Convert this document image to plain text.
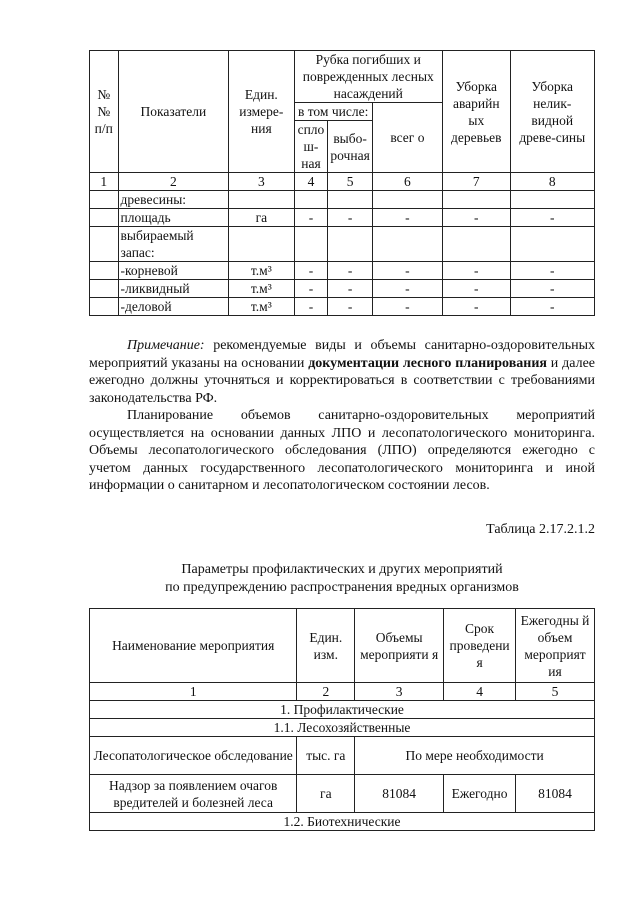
№ № п/п	Показатели	Един. измере-ния	Рубка погибших и поврежденных лесных насаждений			Уборка аварийн ых деревьев	Уборка нелик-видной древе-сины
			в том числе:		всег о		
			спло ш-ная	выбо-рочная			
1	2	3	4	5	6	7	8
	древесины:						
	площадь	га	-	-	-	-	-
	выбираемый запас:						
	-корневой	т.м³	-	-	-	-	-
	-ликвидный	т.м³	-	-	-	-	-
	-деловой	т.м³	-	-	-	-	-

Примечание: рекомендуемые виды и объемы санитарно-оздоровительных мероприятий указаны на основании документации лесного планирования и далее ежегодно должны уточняться и корректироваться в соответствии с требованиями законодательства РФ.

Планирование объемов санитарно-оздоровительных мероприятий осуществляется на основании данных ЛПО и лесопатологического мониторинга. Объемы лесопатологического обследования (ЛПО) определяются ежегодно с учетом данных государственного лесопатологического мониторинга и иной информации о санитарном и лесопатологическом состоянии лесов.

Таблица 2.17.2.1.2
Параметры профилактических и других мероприятий
по предупреждению распространения вредных организмов
Наименование мероприятия	Един. изм.	Объемы мероприяти я	Срок проведени я	Ежегодны й объем мероприят ия
1	2	3	4	5
1. Профилактические				
1.1. Лесохозяйственные				
Лесопатологическое обследование	тыс. га	По мере необходимости		
Надзор за появлением очагов вредителей и болезней леса	га	81084	Ежегодно	81084
1.2. Биотехнические				
